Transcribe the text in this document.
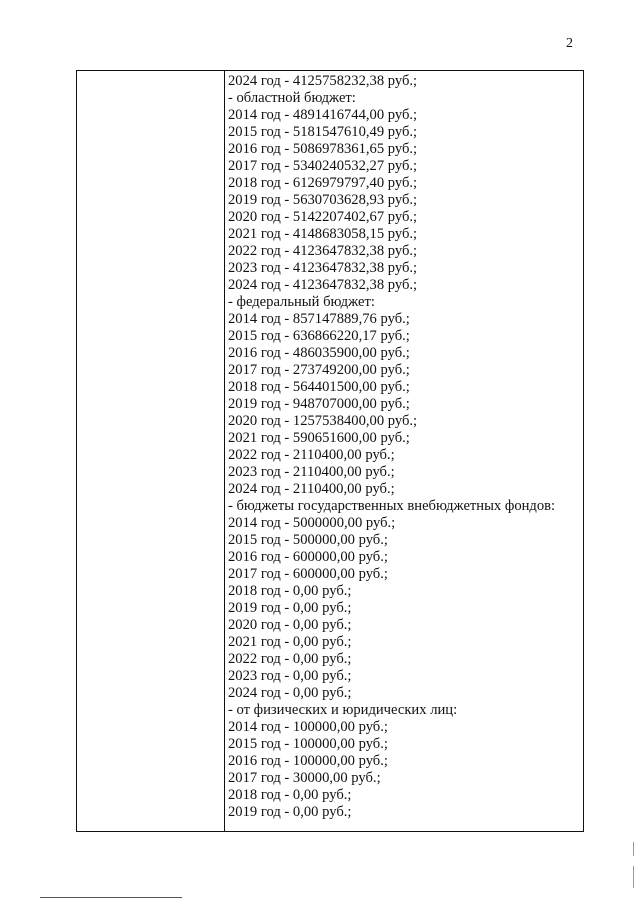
2
2024 год - 4125758232,38 руб.;
- областной бюджет:
2014 год - 4891416744,00 руб.;
2015 год - 5181547610,49 руб.;
2016 год - 5086978361,65 руб.;
2017 год - 5340240532,27 руб.;
2018 год - 6126979797,40 руб.;
2019 год - 5630703628,93 руб.;
2020 год - 5142207402,67 руб.;
2021 год - 4148683058,15 руб.;
2022 год - 4123647832,38 руб.;
2023 год - 4123647832,38 руб.;
2024 год - 4123647832,38 руб.;
- федеральный бюджет:
2014 год - 857147889,76 руб.;
2015 год - 636866220,17 руб.;
2016 год - 486035900,00 руб.;
2017 год - 273749200,00 руб.;
2018 год - 564401500,00 руб.;
2019 год - 948707000,00 руб.;
2020 год - 1257538400,00 руб.;
2021 год - 590651600,00 руб.;
2022 год - 2110400,00 руб.;
2023 год - 2110400,00 руб.;
2024 год - 2110400,00 руб.;
- бюджеты государственных внебюджетных фондов:
2014 год - 5000000,00 руб.;
2015 год - 500000,00 руб.;
2016 год - 600000,00 руб.;
2017 год - 600000,00 руб.;
2018 год - 0,00 руб.;
2019 год - 0,00 руб.;
2020 год - 0,00 руб.;
2021 год - 0,00 руб.;
2022 год - 0,00 руб.;
2023 год - 0,00 руб.;
2024 год - 0,00 руб.;
- от физических и юридических лиц:
2014 год - 100000,00 руб.;
2015 год - 100000,00 руб.;
2016 год - 100000,00 руб.;
2017 год - 30000,00 руб.;
2018 год - 0,00 руб.;
2019 год - 0,00 руб.;
